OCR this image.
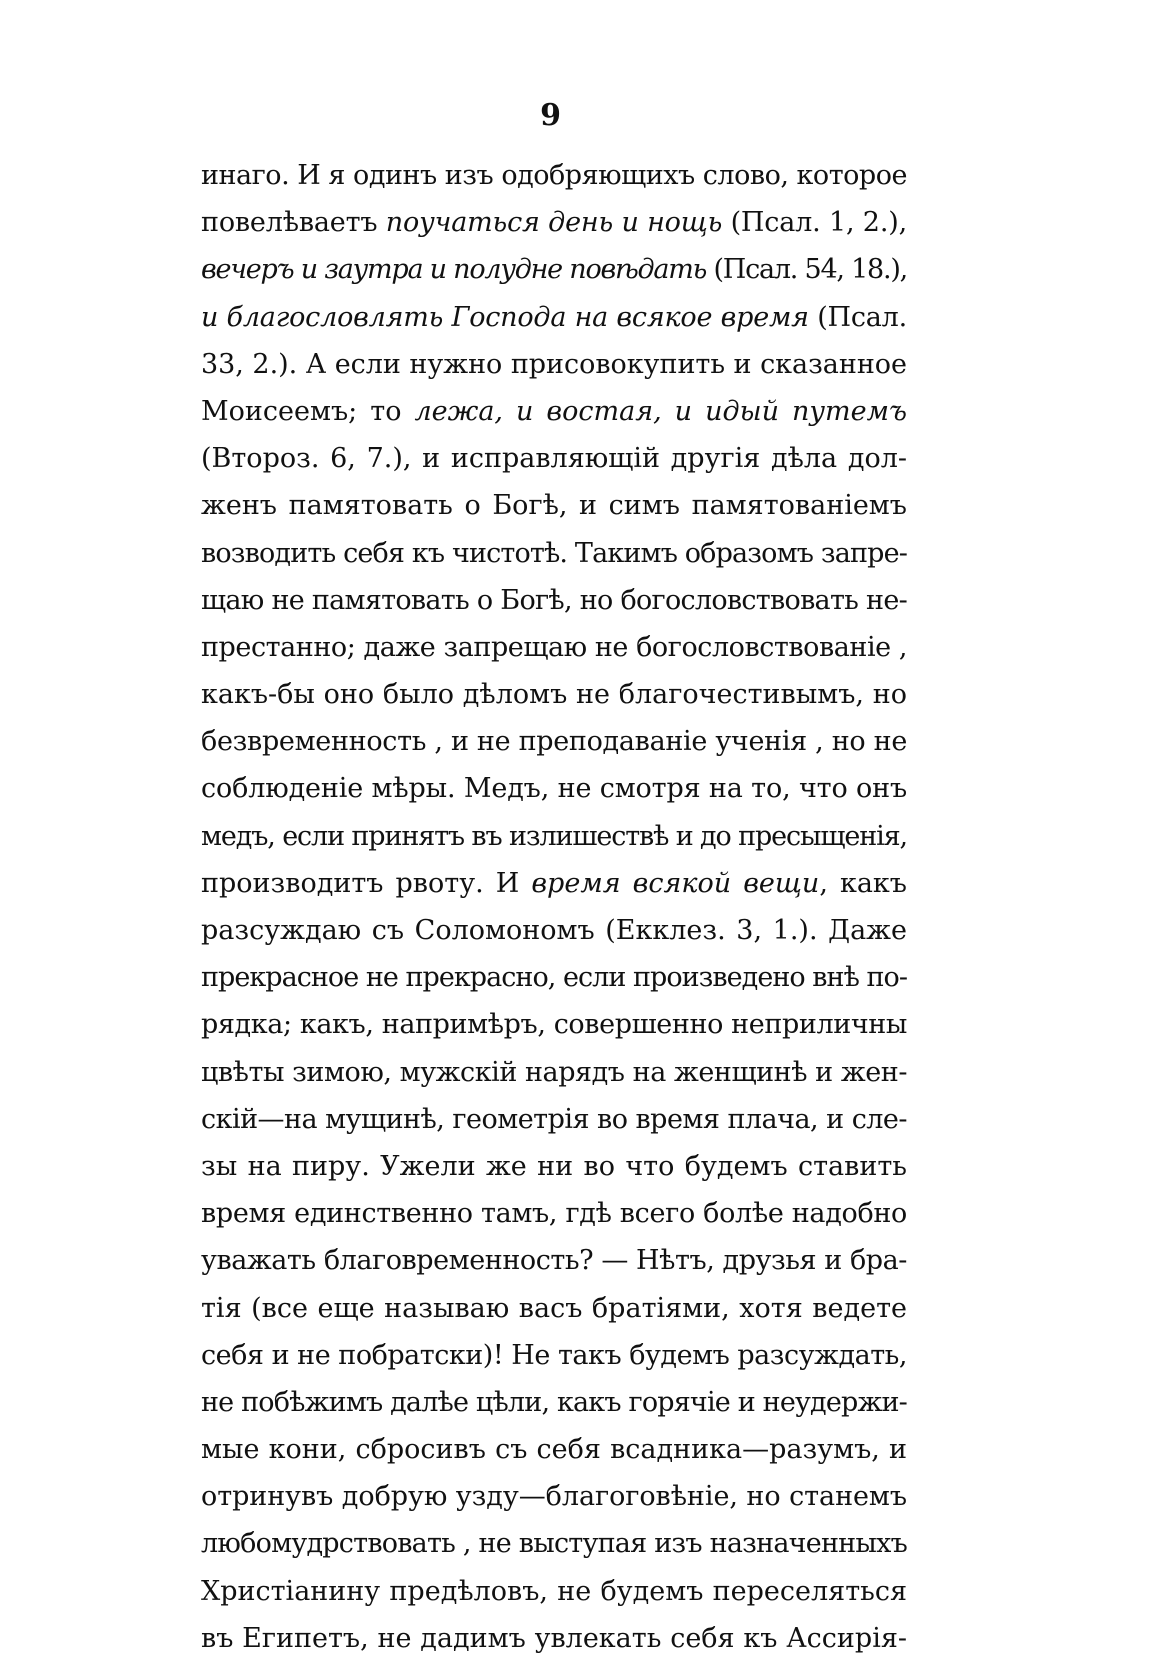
9
инаго. И я одинъ изъ одобряющихъ слово, которое
повелѣваетъ поучаться день и нощь (Псал. 1, 2.),
вечеръ и заутра и полудне повѣдать (Псал. 54, 18.),
и благословлять Господа на всякое время (Псал.
33, 2.). А если нужно присовокупить и сказанное
Моисеемъ; то лежа, и востая, и идый путемъ
(Второз. 6, 7.), и исправляющій другія дѣла дол-
женъ памятовать о Богѣ, и симъ памятованіемъ
возводить себя къ чистотѣ. Такимъ образомъ запре-
щаю не памятовать о Богѣ, но богословствовать не-
престанно; даже запрещаю не богословствованіе ,
какъ-бы оно было дѣломъ не благочестивымъ, но
безвременность , и не преподаваніе ученія , но не
соблюденіе мѣры. Медъ, не смотря на то, что онъ
медъ, если принятъ въ излишествѣ и до пресыщенія,
производитъ рвоту. И время всякой вещи, какъ
разсуждаю съ Соломономъ (Екклез. 3, 1.). Даже
прекрасное не прекрасно, если произведено внѣ по-
рядка; какъ, напримѣръ, совершенно неприличны
цвѣты зимою, мужскій нарядъ на женщинѣ и жен-
скій—на мущинѣ, геометрія во время плача, и сле-
зы на пиру. Ужели же ни во что будемъ ставить
время единственно тамъ, гдѣ всего болѣе надобно
уважать благовременность? — Нѣтъ, друзья и бра-
тія (все еще называю васъ братіями, хотя ведете
себя и не побратски)! Не такъ будемъ разсуждать,
не побѣжимъ далѣе цѣли, какъ горячіе и неудержи-
мые кони, сбросивъ съ себя всадника—разумъ, и
отринувъ добрую узду—благоговѣніе, но станемъ
любомудрствовать , не выступая изъ назначенныхъ
Христіанину предѣловъ, не будемъ переселяться
въ Египетъ, не дадимъ увлекать себя къ Ассирія-
